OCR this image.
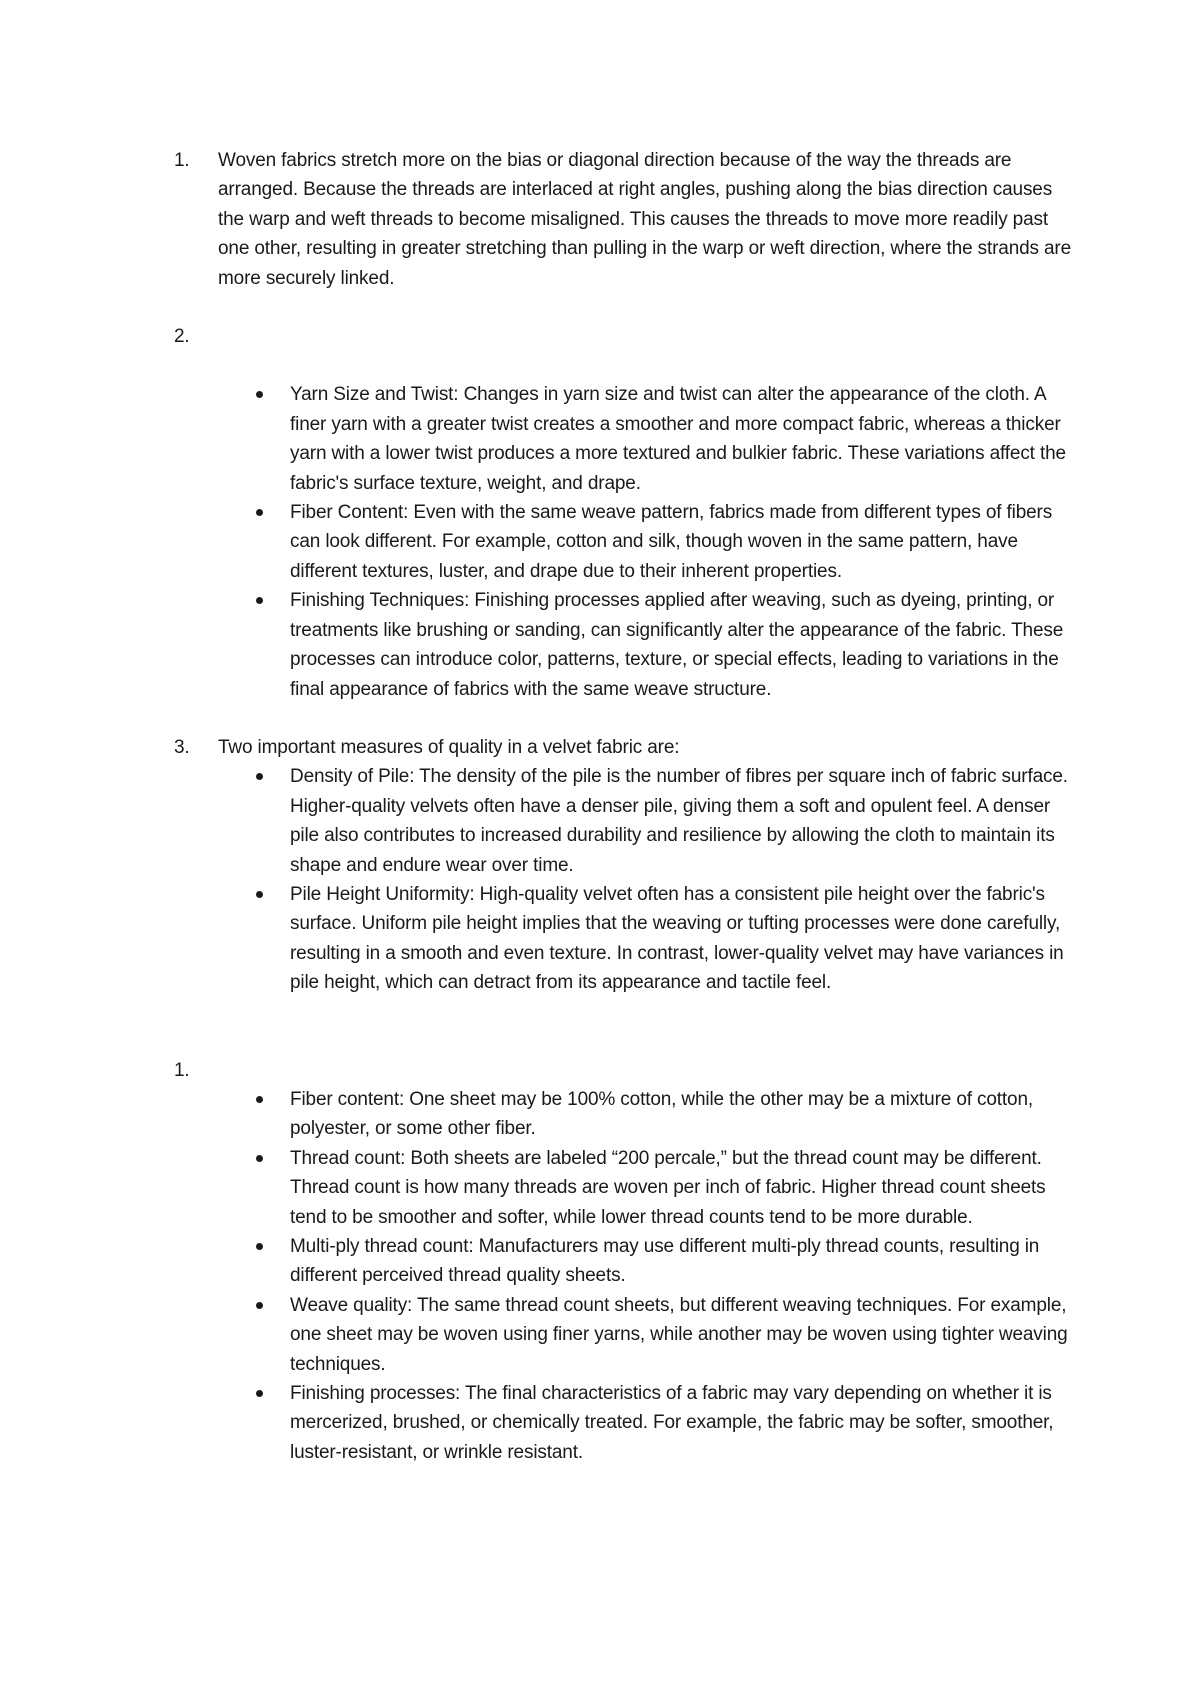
1. Woven fabrics stretch more on the bias or diagonal direction because of the way the threads are arranged. Because the threads are interlaced at right angles, pushing along the bias direction causes the warp and weft threads to become misaligned. This causes the threads to move more readily past one other, resulting in greater stretching than pulling in the warp or weft direction, where the strands are more securely linked.

2.

Yarn Size and Twist: Changes in yarn size and twist can alter the appearance of the cloth. A finer yarn with a greater twist creates a smoother and more compact fabric, whereas a thicker yarn with a lower twist produces a more textured and bulkier fabric. These variations affect the fabric's surface texture, weight, and drape.
Fiber Content: Even with the same weave pattern, fabrics made from different types of fibers can look different. For example, cotton and silk, though woven in the same pattern, have different textures, luster, and drape due to their inherent properties.
Finishing Techniques: Finishing processes applied after weaving, such as dyeing, printing, or treatments like brushing or sanding, can significantly alter the appearance of the fabric. These processes can introduce color, patterns, texture, or special effects, leading to variations in the final appearance of fabrics with the same weave structure.
3. Two important measures of quality in a velvet fabric are:

Density of Pile: The density of the pile is the number of fibres per square inch of fabric surface. Higher-quality velvets often have a denser pile, giving them a soft and opulent feel. A denser pile also contributes to increased durability and resilience by allowing the cloth to maintain its shape and endure wear over time.
Pile Height Uniformity: High-quality velvet often has a consistent pile height over the fabric's surface. Uniform pile height implies that the weaving or tufting processes were done carefully, resulting in a smooth and even texture. In contrast, lower-quality velvet may have variances in pile height, which can detract from its appearance and tactile feel.
1.

Fiber content: One sheet may be 100% cotton, while the other may be a mixture of cotton, polyester, or some other fiber.
Thread count: Both sheets are labeled “200 percale,” but the thread count may be different. Thread count is how many threads are woven per inch of fabric. Higher thread count sheets tend to be smoother and softer, while lower thread counts tend to be more durable.
Multi-ply thread count: Manufacturers may use different multi-ply thread counts, resulting in different perceived thread quality sheets.
Weave quality: The same thread count sheets, but different weaving techniques. For example, one sheet may be woven using finer yarns, while another may be woven using tighter weaving techniques.
Finishing processes: The final characteristics of a fabric may vary depending on whether it is mercerized, brushed, or chemically treated. For example, the fabric may be softer, smoother, luster-resistant, or wrinkle resistant.
